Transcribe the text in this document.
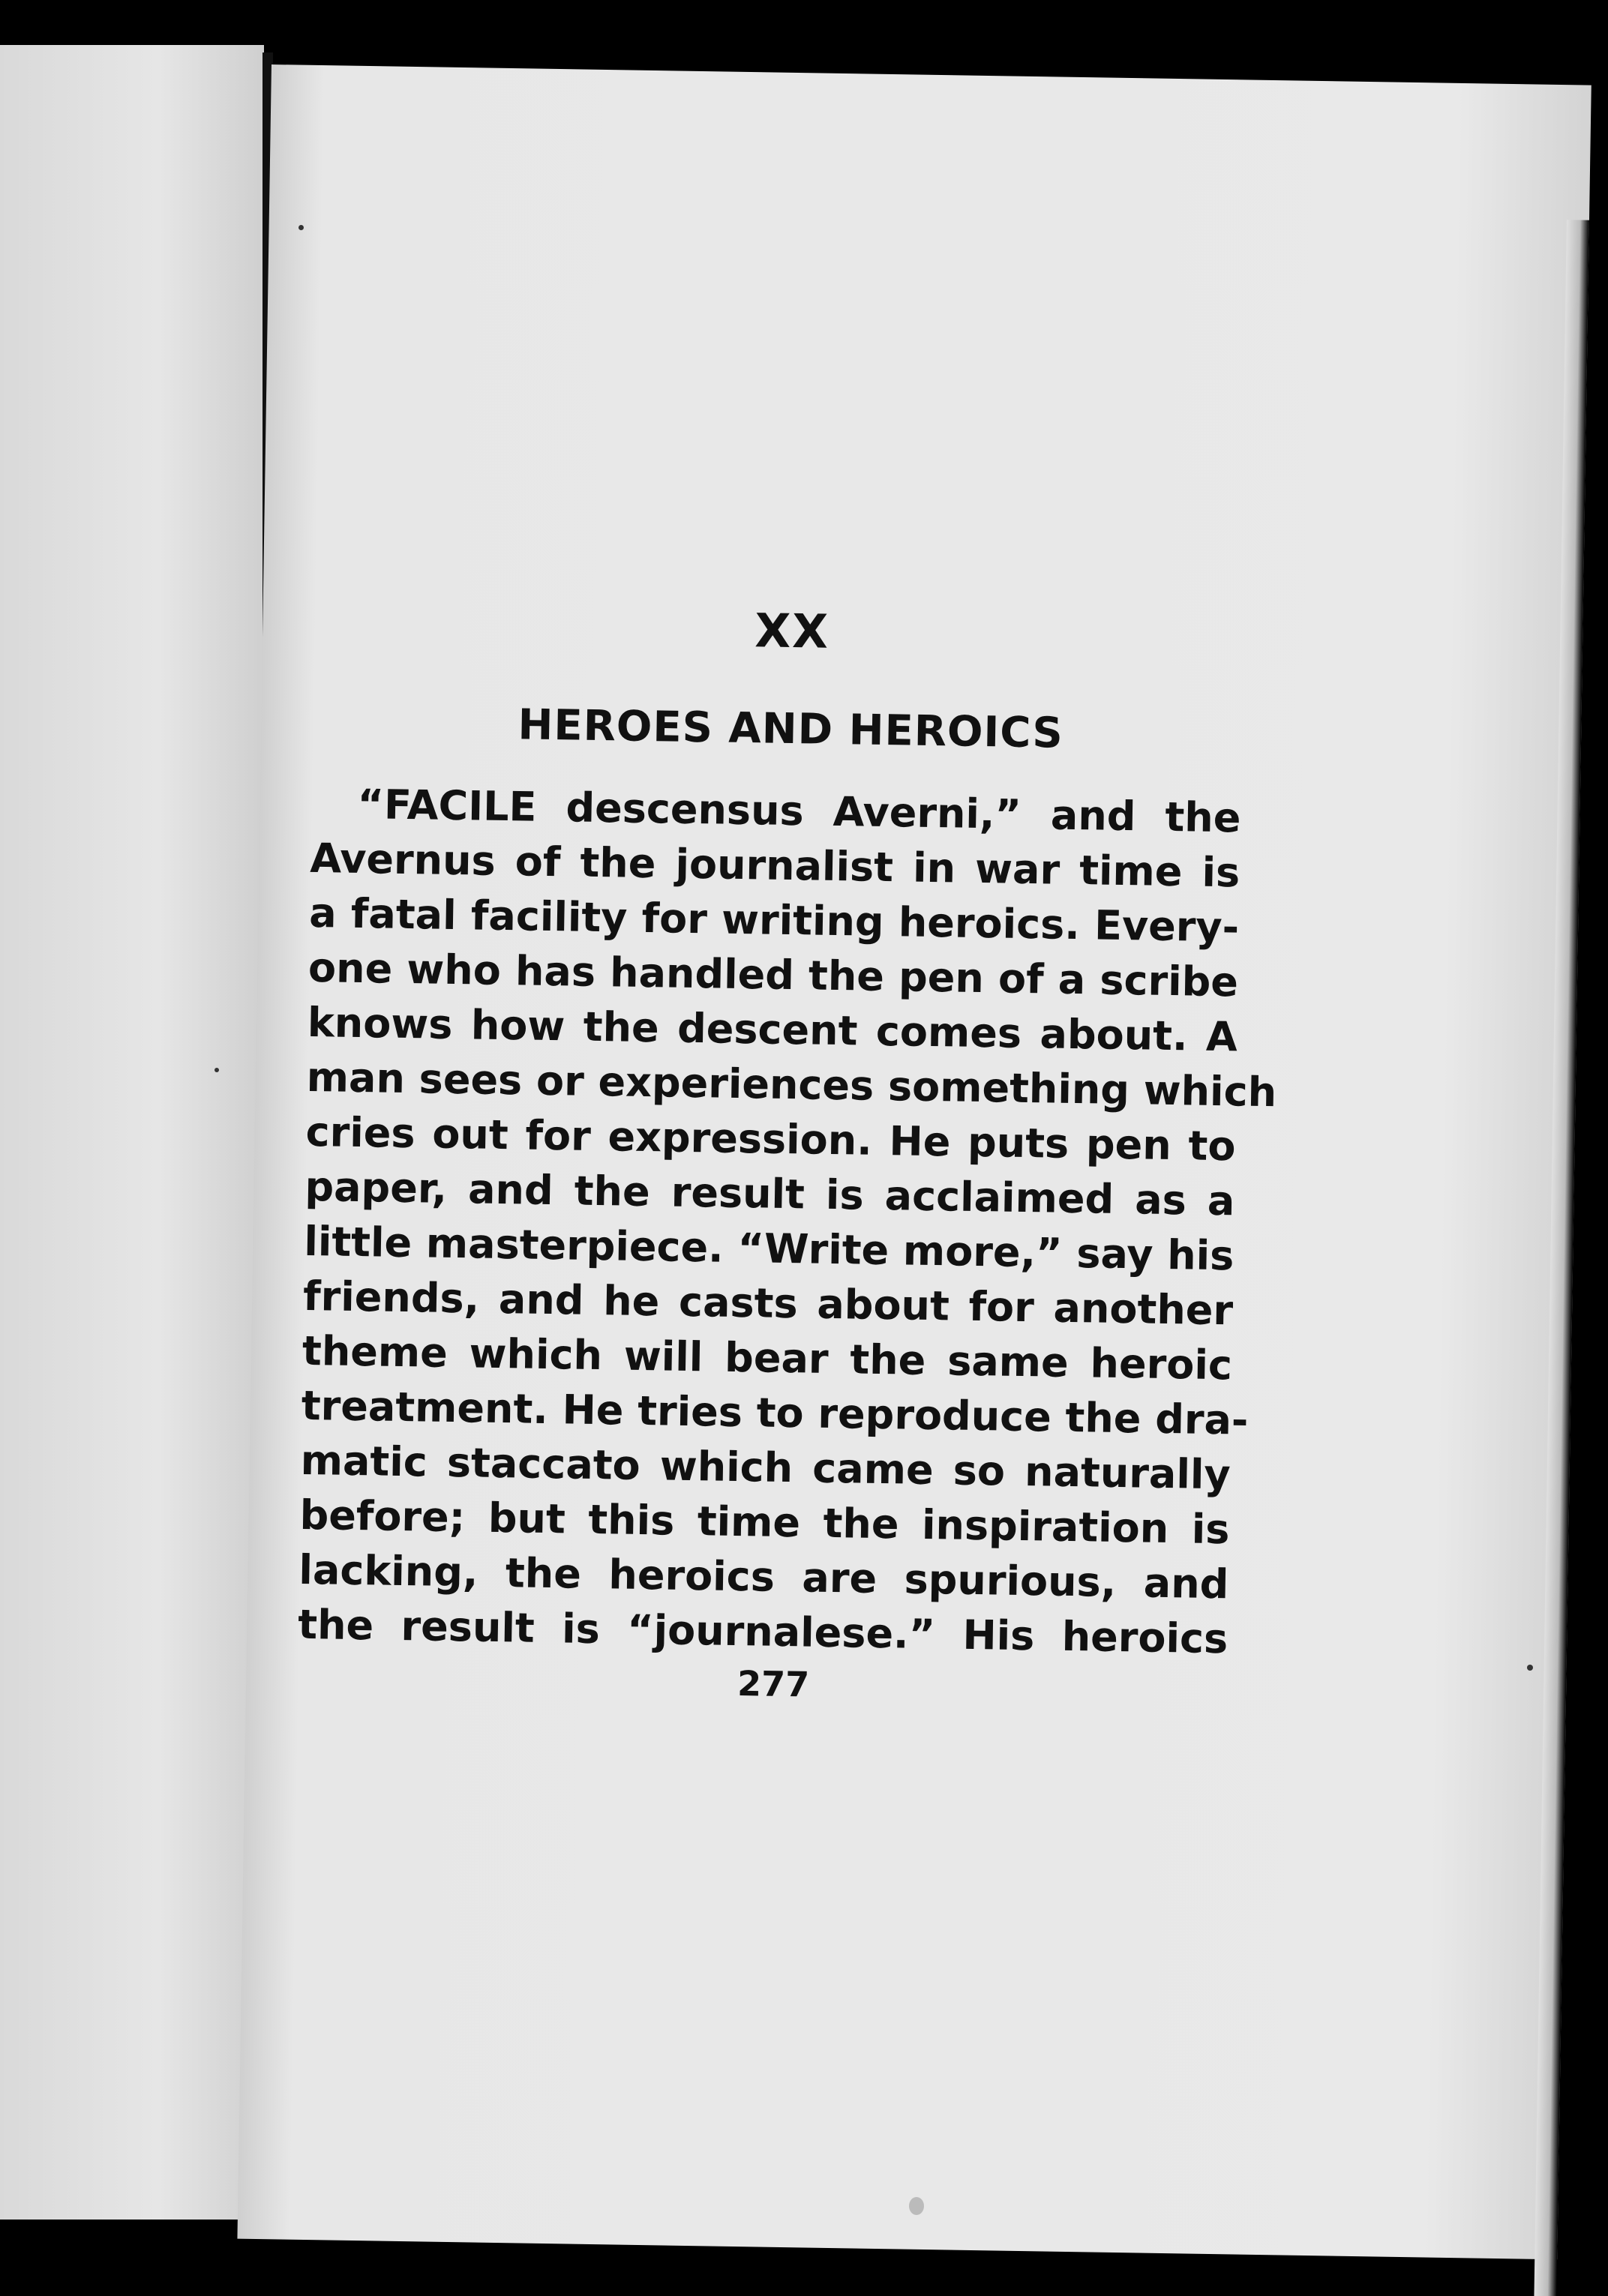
XX
HEROES AND HEROICS
“FACILE descensus Averni,” and the
Avernus of the journalist in war time is
a fatal facility for writing heroics. Every-
one who has handled the pen of a scribe
knows how the descent comes about. A
man sees or experiences something which
cries out for expression. He puts pen to
paper, and the result is acclaimed as a
little masterpiece. “Write more,” say his
friends, and he casts about for another
theme which will bear the same heroic
treatment. He tries to reproduce the dra-
matic staccato which came so naturally
before; but this time the inspiration is
lacking, the heroics are spurious, and
the result is “journalese.” His heroics
277
